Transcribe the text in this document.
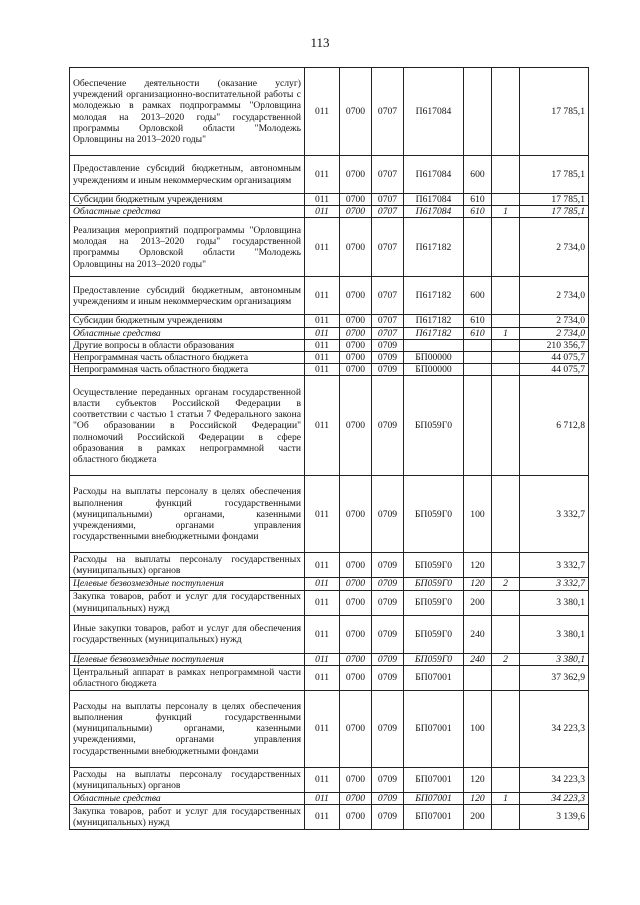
113
Обеспечение деятельности (оказание услуг) учреждений организационно-воспитательной работы с молодежью в рамках подпрограммы "Орловщина молодая на 2013–2020 годы" государственной программы Орловской области "Молодежь Орловщины на 2013–2020 годы"	011	0700	0707	П617084			17 785,1
Предоставление субсидий бюджетным, автономным учреждениям и иным некоммерческим организациям	011	0700	0707	П617084	600		17 785,1
Субсидии бюджетным учреждениям	011	0700	0707	П617084	610		17 785,1
Областные средства	011	0700	0707	П617084	610	1	17 785,1
Реализация мероприятий подпрограммы "Орловщина молодая на 2013–2020 годы" государственной программы Орловской области "Молодежь Орловщины на 2013–2020 годы"	011	0700	0707	П617182			2 734,0
Предоставление субсидий бюджетным, автономным учреждениям и иным некоммерческим организациям	011	0700	0707	П617182	600		2 734,0
Субсидии бюджетным учреждениям	011	0700	0707	П617182	610		2 734,0
Областные средства	011	0700	0707	П617182	610	1	2 734,0
Другие вопросы в области образования	011	0700	0709				210 356,7
Непрограммная часть областного бюджета	011	0700	0709	БП00000			44 075,7
Непрограммная часть областного бюджета	011	0700	0709	БП00000			44 075,7
Осуществление переданных органам государственной власти субъектов Российской Федерации в соответствии с частью 1 статьи 7 Федерального закона "Об образовании в Российской Федерации" полномочий Российской Федерации в сфере образования в рамках непрограммной части областного бюджета	011	0700	0709	БП059Г0			6 712,8
Расходы на выплаты персоналу в целях обеспечения выполнения функций государственными (муниципальными) органами, казенными учреждениями, органами управления государственными внебюджетными фондами	011	0700	0709	БП059Г0	100		3 332,7
Расходы на выплаты персоналу государственных (муниципальных) органов	011	0700	0709	БП059Г0	120		3 332,7
Целевые безвозмездные поступления	011	0700	0709	БП059Г0	120	2	3 332,7
Закупка товаров, работ и услуг для государственных (муниципальных) нужд	011	0700	0709	БП059Г0	200		3 380,1
Иные закупки товаров, работ и услуг для обеспечения государственных (муниципальных) нужд	011	0700	0709	БП059Г0	240		3 380,1
Целевые безвозмездные поступления	011	0700	0709	БП059Г0	240	2	3 380,1
Центральный аппарат в рамках непрограммной части областного бюджета	011	0700	0709	БП07001			37 362,9
Расходы на выплаты персоналу в целях обеспечения выполнения функций государственными (муниципальными) органами, казенными учреждениями, органами управления государственными внебюджетными фондами	011	0700	0709	БП07001	100		34 223,3
Расходы на выплаты персоналу государственных (муниципальных) органов	011	0700	0709	БП07001	120		34 223,3
Областные средства	011	0700	0709	БП07001	120	1	34 223,3
Закупка товаров, работ и услуг для государственных (муниципальных) нужд	011	0700	0709	БП07001	200		3 139,6
